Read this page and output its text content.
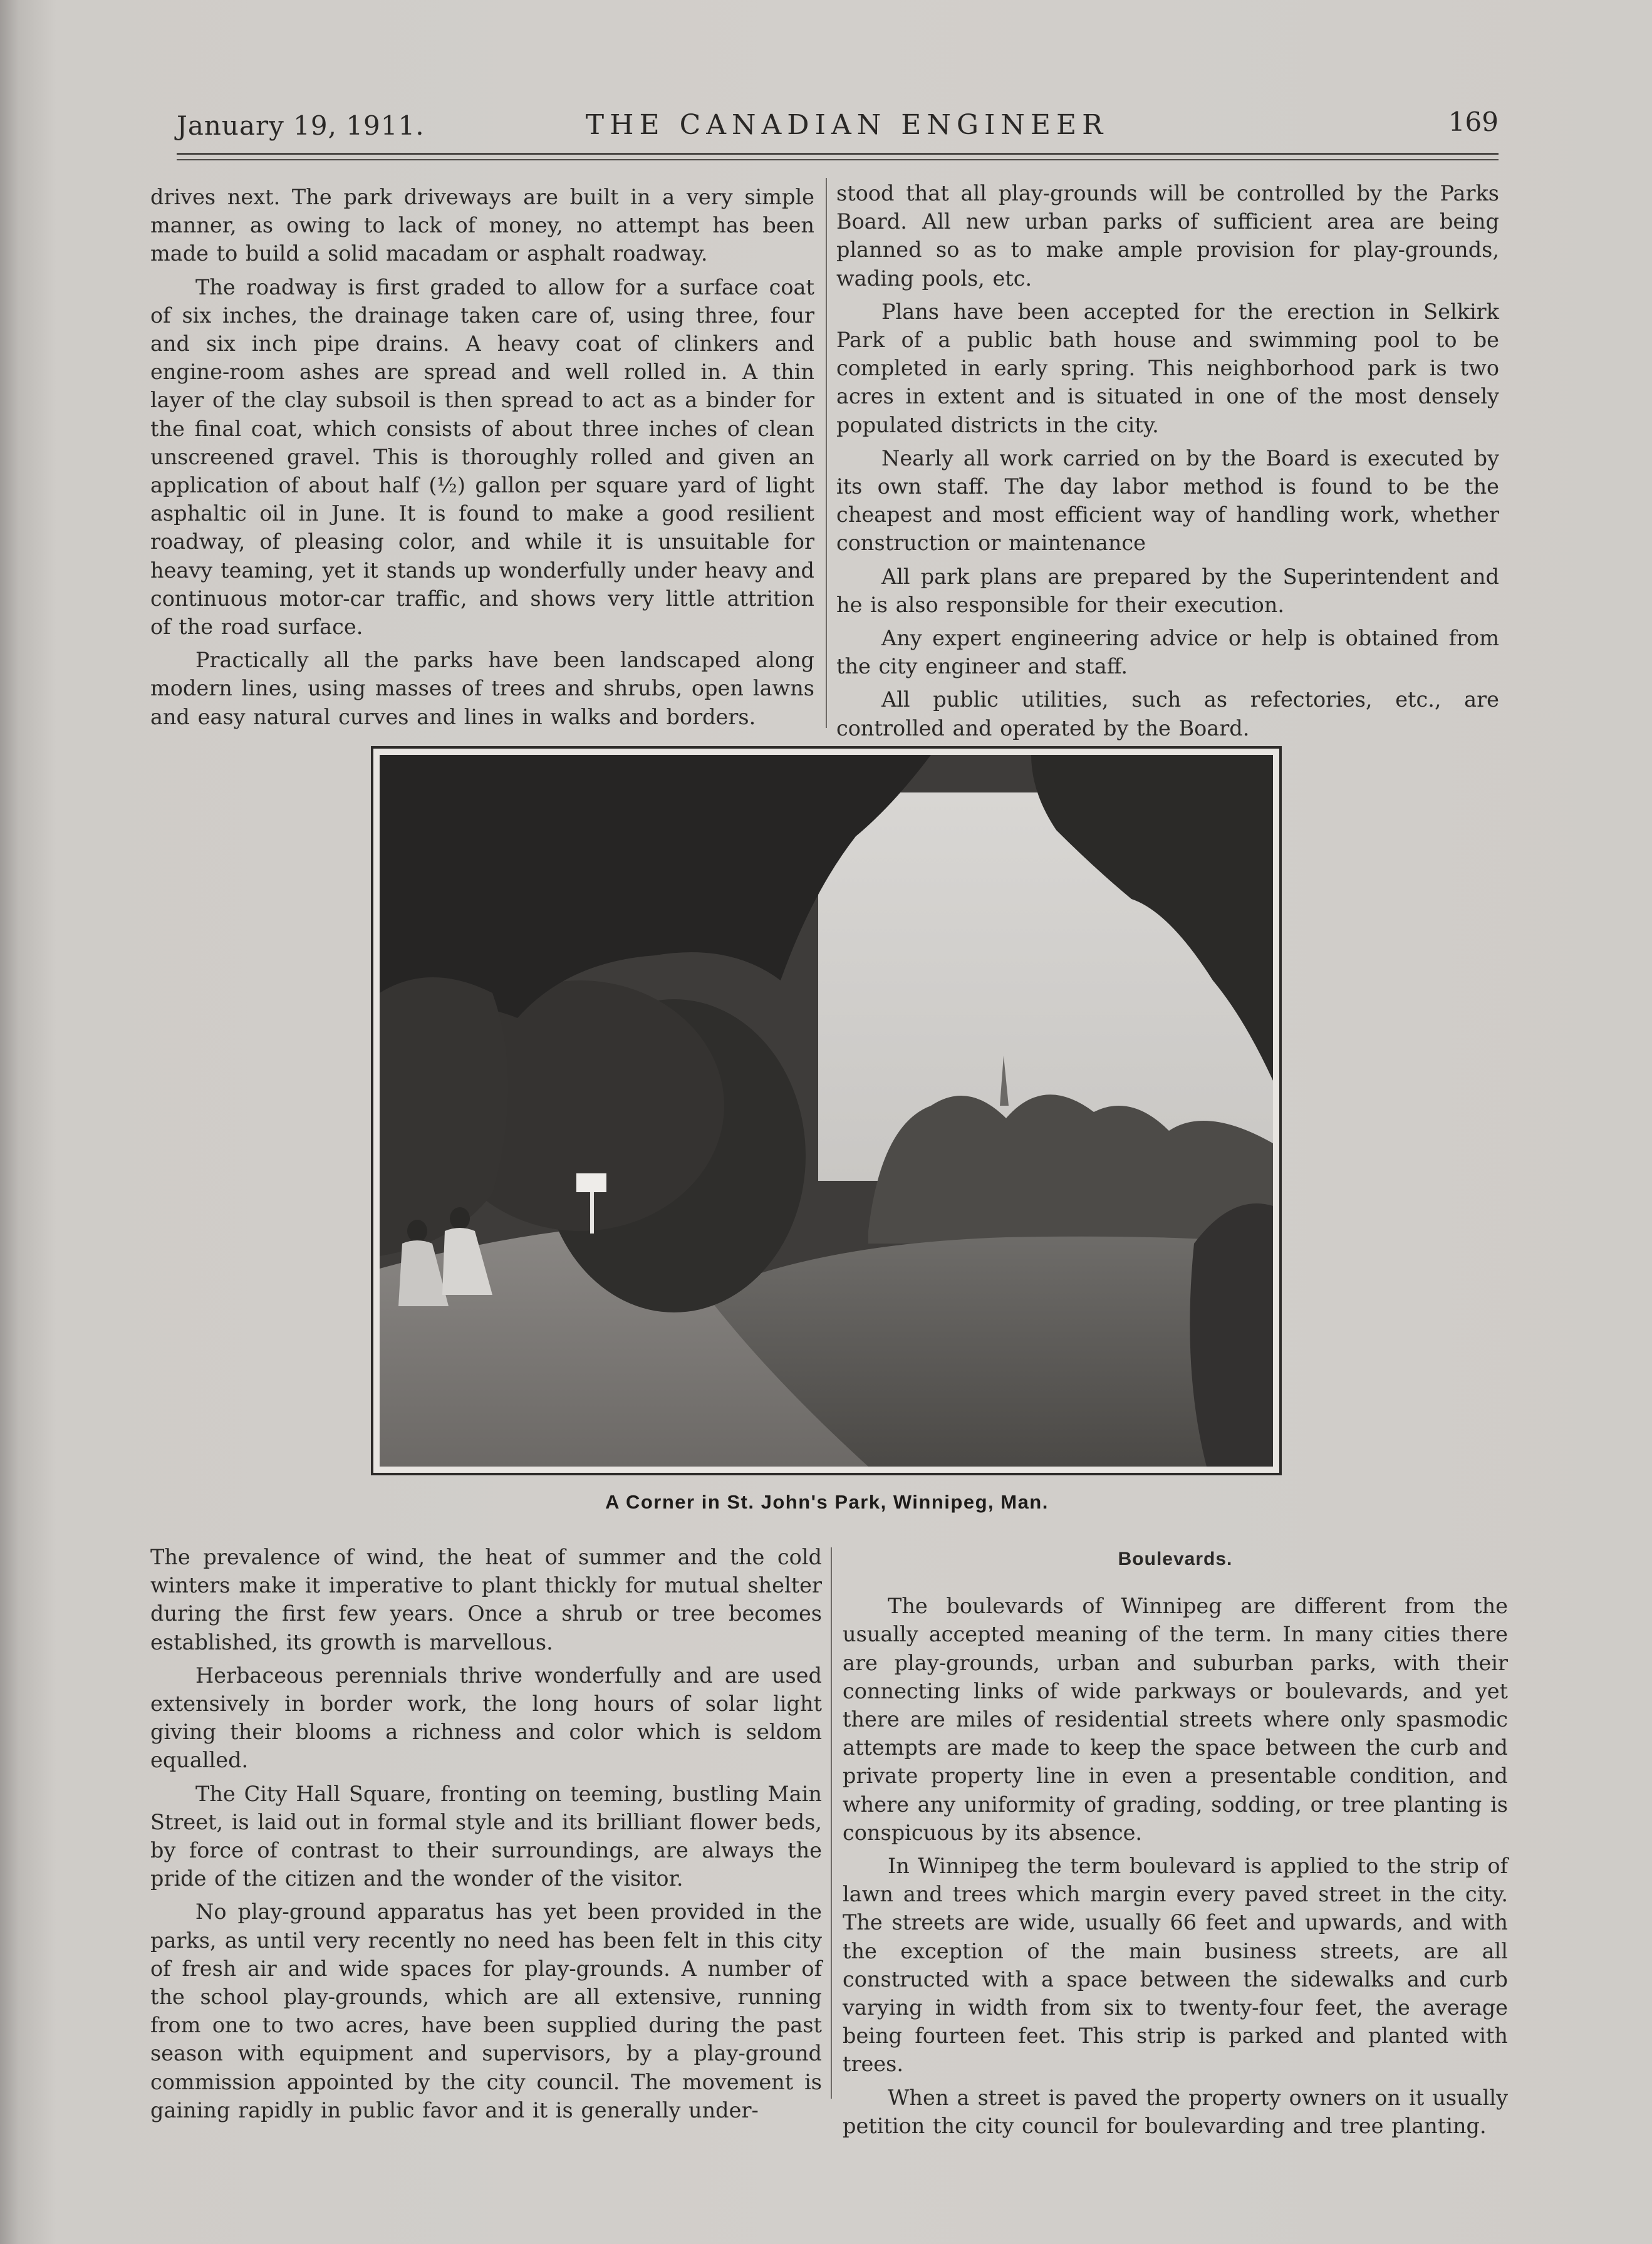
January 19, 1911.	THE CANADIAN ENGINEER	169

drives next. The park driveways are built in a very simple manner, as owing to lack of money, no attempt has been made to build a solid macadam or asphalt roadway.

The roadway is first graded to allow for a surface coat of six inches, the drainage taken care of, using three, four and six inch pipe drains. A heavy coat of clinkers and engine-room ashes are spread and well rolled in. A thin layer of the clay subsoil is then spread to act as a binder for the final coat, which consists of about three inches of clean unscreened gravel. This is thoroughly rolled and given an application of about half (½) gallon per square yard of light asphaltic oil in June. It is found to make a good resilient roadway, of pleasing color, and while it is unsuitable for heavy teaming, yet it stands up wonderfully under heavy and continuous motor-car traffic, and shows very little attrition of the road surface.

Practically all the parks have been landscaped along modern lines, using masses of trees and shrubs, open lawns and easy natural curves and lines in walks and borders.

stood that all play-grounds will be controlled by the Parks Board. All new urban parks of sufficient area are being planned so as to make ample provision for play-grounds, wading pools, etc.

Plans have been accepted for the erection in Selkirk Park of a public bath house and swimming pool to be completed in early spring. This neighborhood park is two acres in extent and is situated in one of the most densely populated districts in the city.

Nearly all work carried on by the Board is executed by its own staff. The day labor method is found to be the cheapest and most efficient way of handling work, whether construction or maintenance

All park plans are prepared by the Superintendent and he is also responsible for their execution.

Any expert engineering advice or help is obtained from the city engineer and staff.

All public utilities, such as refectories, etc., are controlled and operated by the Board.

A Corner in St. John's Park, Winnipeg, Man.

The prevalence of wind, the heat of summer and the cold winters make it imperative to plant thickly for mutual shelter during the first few years. Once a shrub or tree becomes established, its growth is marvellous.

Herbaceous perennials thrive wonderfully and are used extensively in border work, the long hours of solar light giving their blooms a richness and color which is seldom equalled.

The City Hall Square, fronting on teeming, bustling Main Street, is laid out in formal style and its brilliant flower beds, by force of contrast to their surroundings, are always the pride of the citizen and the wonder of the visitor.

No play-ground apparatus has yet been provided in the parks, as until very recently no need has been felt in this city of fresh air and wide spaces for play-grounds. A number of the school play-grounds, which are all extensive, running from one to two acres, have been supplied during the past season with equipment and supervisors, by a play-ground commission appointed by the city council. The movement is gaining rapidly in public favor and it is generally under-

Boulevards.

The boulevards of Winnipeg are different from the usually accepted meaning of the term. In many cities there are play-grounds, urban and suburban parks, with their connecting links of wide parkways or boulevards, and yet there are miles of residential streets where only spasmodic attempts are made to keep the space between the curb and private property line in even a presentable condition, and where any uniformity of grading, sodding, or tree planting is conspicuous by its absence.

In Winnipeg the term boulevard is applied to the strip of lawn and trees which margin every paved street in the city. The streets are wide, usually 66 feet and upwards, and with the exception of the main business streets, are all constructed with a space between the sidewalks and curb varying in width from six to twenty-four feet, the average being fourteen feet. This strip is parked and planted with trees.

When a street is paved the property owners on it usually petition the city council for boulevarding and tree planting.
